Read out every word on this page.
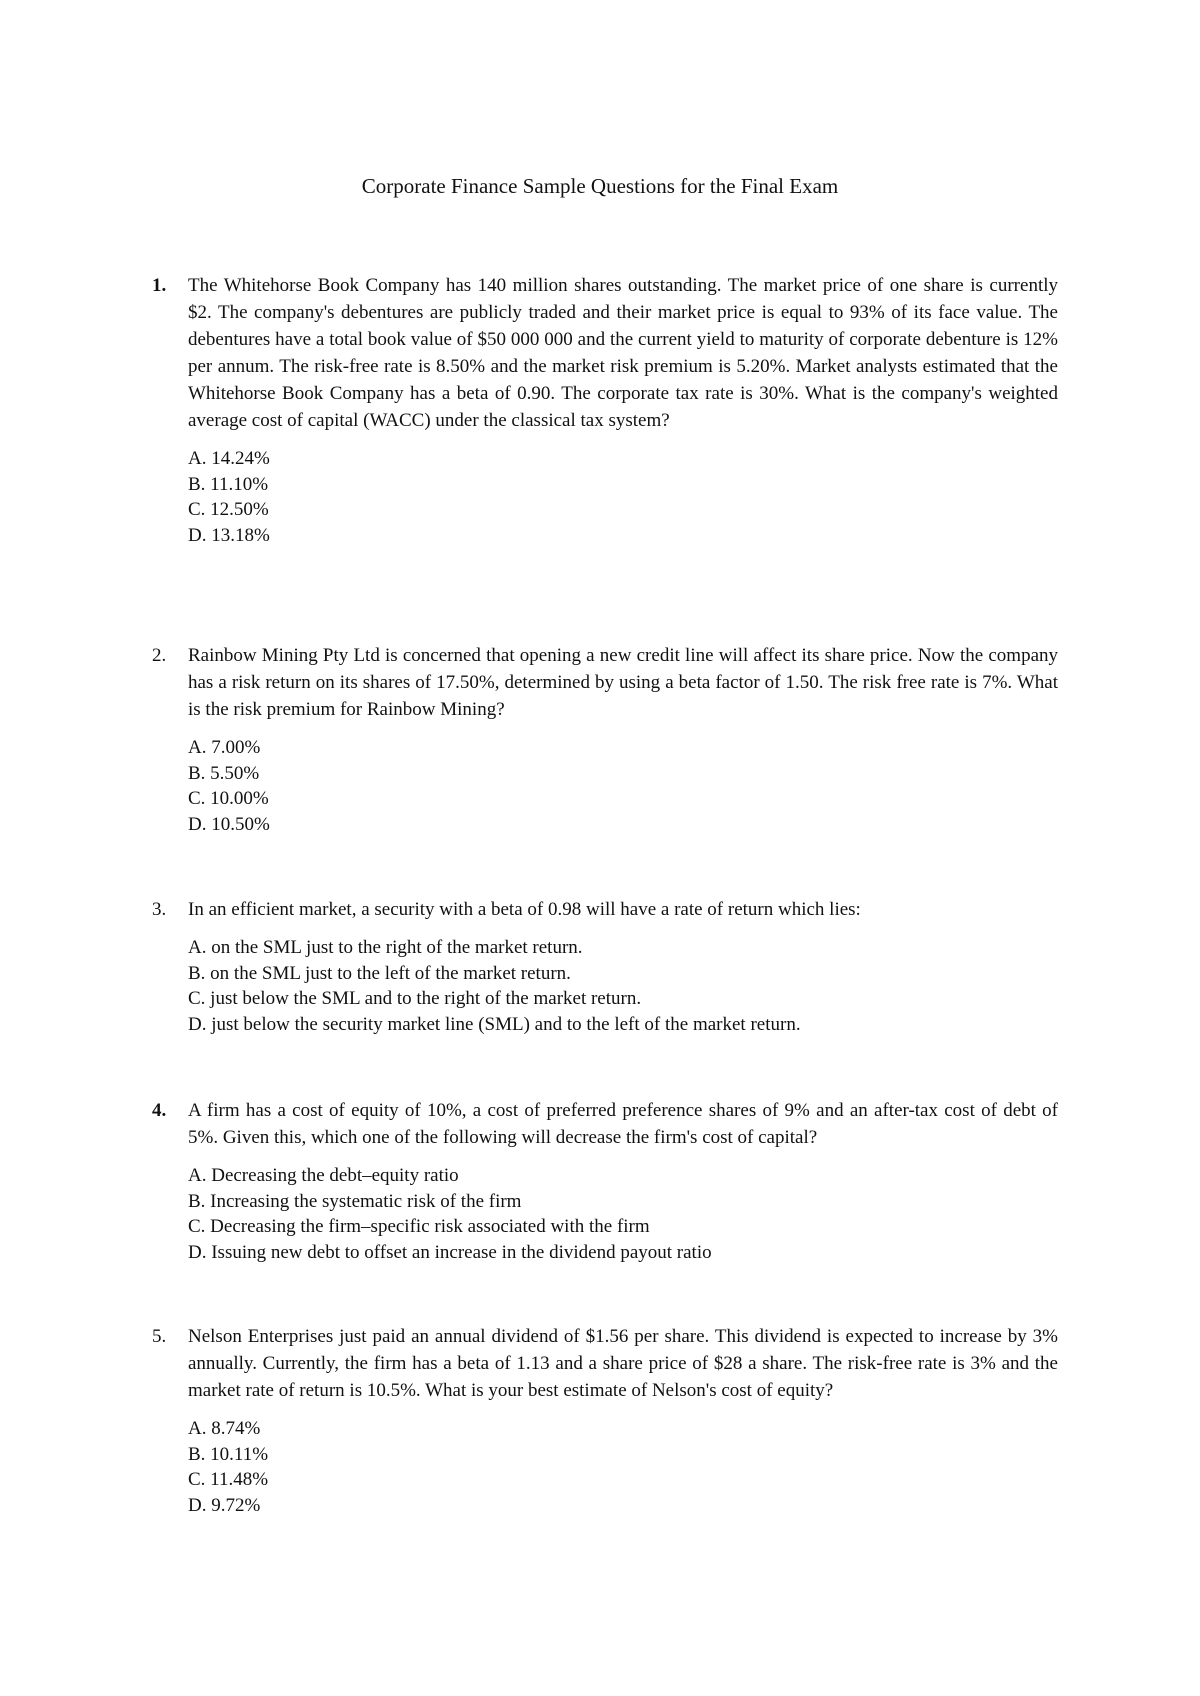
Corporate Finance Sample Questions for the Final Exam
1. The Whitehorse Book Company has 140 million shares outstanding. The market price of one share is currently $2. The company's debentures are publicly traded and their market price is equal to 93% of its face value. The debentures have a total book value of $50 000 000 and the current yield to maturity of corporate debenture is 12% per annum. The risk-free rate is 8.50% and the market risk premium is 5.20%. Market analysts estimated that the Whitehorse Book Company has a beta of 0.90. The corporate tax rate is 30%. What is the company's weighted average cost of capital (WACC) under the classical tax system?
A. 14.24%
B. 11.10%
C. 12.50%
D. 13.18%
2. Rainbow Mining Pty Ltd is concerned that opening a new credit line will affect its share price. Now the company has a risk return on its shares of 17.50%, determined by using a beta factor of 1.50. The risk free rate is 7%. What is the risk premium for Rainbow Mining?
A. 7.00%
B. 5.50%
C. 10.00%
D. 10.50%
3. In an efficient market, a security with a beta of 0.98 will have a rate of return which lies:
A. on the SML just to the right of the market return.
B. on the SML just to the left of the market return.
C. just below the SML and to the right of the market return.
D. just below the security market line (SML) and to the left of the market return.
4. A firm has a cost of equity of 10%, a cost of preferred preference shares of 9% and an after-tax cost of debt of 5%. Given this, which one of the following will decrease the firm's cost of capital?
A. Decreasing the debt–equity ratio
B. Increasing the systematic risk of the firm
C. Decreasing the firm–specific risk associated with the firm
D. Issuing new debt to offset an increase in the dividend payout ratio
5. Nelson Enterprises just paid an annual dividend of $1.56 per share. This dividend is expected to increase by 3% annually. Currently, the firm has a beta of 1.13 and a share price of $28 a share. The risk-free rate is 3% and the market rate of return is 10.5%. What is your best estimate of Nelson's cost of equity?
A. 8.74%
B. 10.11%
C. 11.48%
D. 9.72%
